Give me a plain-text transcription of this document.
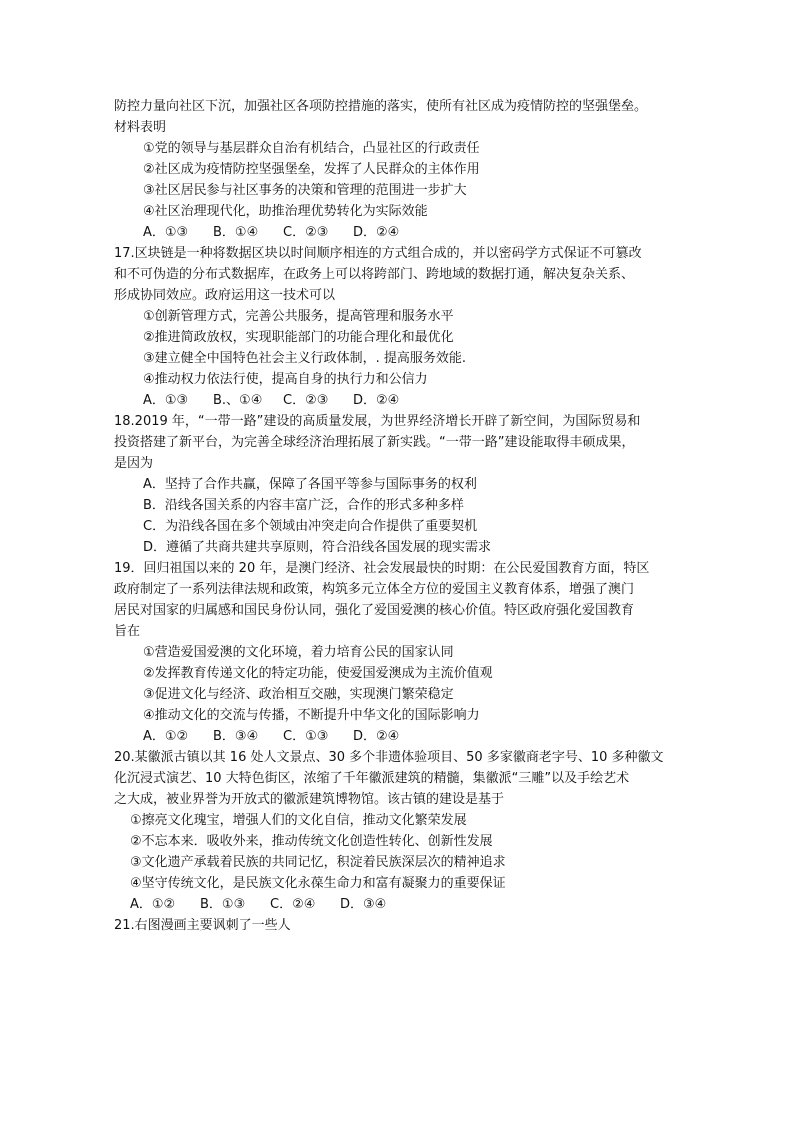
防控力量向社区下沉，加强社区各项防控措施的落实，使所有社区成为疫情防控的坚强堡垒。
材料表明
①党的领导与基层群众自治有机结合，凸显社区的行政责任
②社区成为疫情防控坚强堡垒，发挥了人民群众的主体作用
③社区居民参与社区事务的决策和管理的范围进一步扩大
④社区治理现代化，助推治理优势转化为实际效能
A．①③ B．①④ C．②③ D．②④
17.区块链是一种将数据区块以时间顺序相连的方式组合成的，并以密码学方式保证不可篡改
和不可伪造的分布式数据库，在政务上可以将跨部门、跨地域的数据打通，解决复杂关系、
形成协同效应。政府运用这一技术可以
①创新管理方式，完善公共服务，提高管理和服务水平
②推进简政放权，实现职能部门的功能合理化和最优化
③建立健全中国特色社会主义行政体制，. 提高服务效能.
④推动权力依法行使，提高自身的执行力和公信力
A．①③ B.、①④ C．②③ D．②④
18.2019 年，“一带一路”建设的高质量发展，为世界经济增长开辟了新空间，为国际贸易和
投资搭建了新平台，为完善全球经济治理拓展了新实践。“一带一路”建设能取得丰硕成果，
是因为
A．坚持了合作共赢，保障了各国平等参与国际事务的权利
B．沿线各国关系的内容丰富广泛，合作的形式多种多样
C．为沿线各国在多个领域由冲突走向合作提供了重要契机
D．遵循了共商共建共享原则，符合沿线各国发展的现实需求
19．回归祖国以来的 20 年，是澳门经济、社会发展最快的时期：在公民爱国教育方面，特区
政府制定了一系列法律法规和政策，构筑多元立体全方位的爱国主义教育体系，增强了澳门
居民对国家的归属感和国民身份认同，强化了爱国爱澳的核心价值。特区政府强化爱国教育
旨在
①营造爱国爱澳的文化环境，着力培育公民的国家认同
②发挥教育传递文化的特定功能，使爱国爱澳成为主流价值观
③促进文化与经济、政治相互交融，实现澳门繁荣稳定
④推动文化的交流与传播，不断提升中华文化的国际影响力
A．①② B．③④ C．①③ D．②④
20.某徽派古镇以其 16 处人文景点、30 多个非遗体验项目、50 多家徽商老字号、10 多种徽文
化沉浸式演艺、10 大特色街区，浓缩了千年徽派建筑的精髓，集徽派“三雕”以及手绘艺术
之大成，被业界誉为开放式的徽派建筑博物馆。该古镇的建设是基于
①擦亮文化瑰宝，增强人们的文化自信，推动文化繁荣发展
②不忘本来．吸收外来，推动传统文化创造性转化、创新性发展
③文化遗产承载着民族的共同记忆，积淀着民族深层次的精神追求
④坚守传统文化，是民族文化永葆生命力和富有凝聚力的重要保证
A．①② B．①③ C．②④ D．③④
21.右图漫画主要讽刺了一些人
